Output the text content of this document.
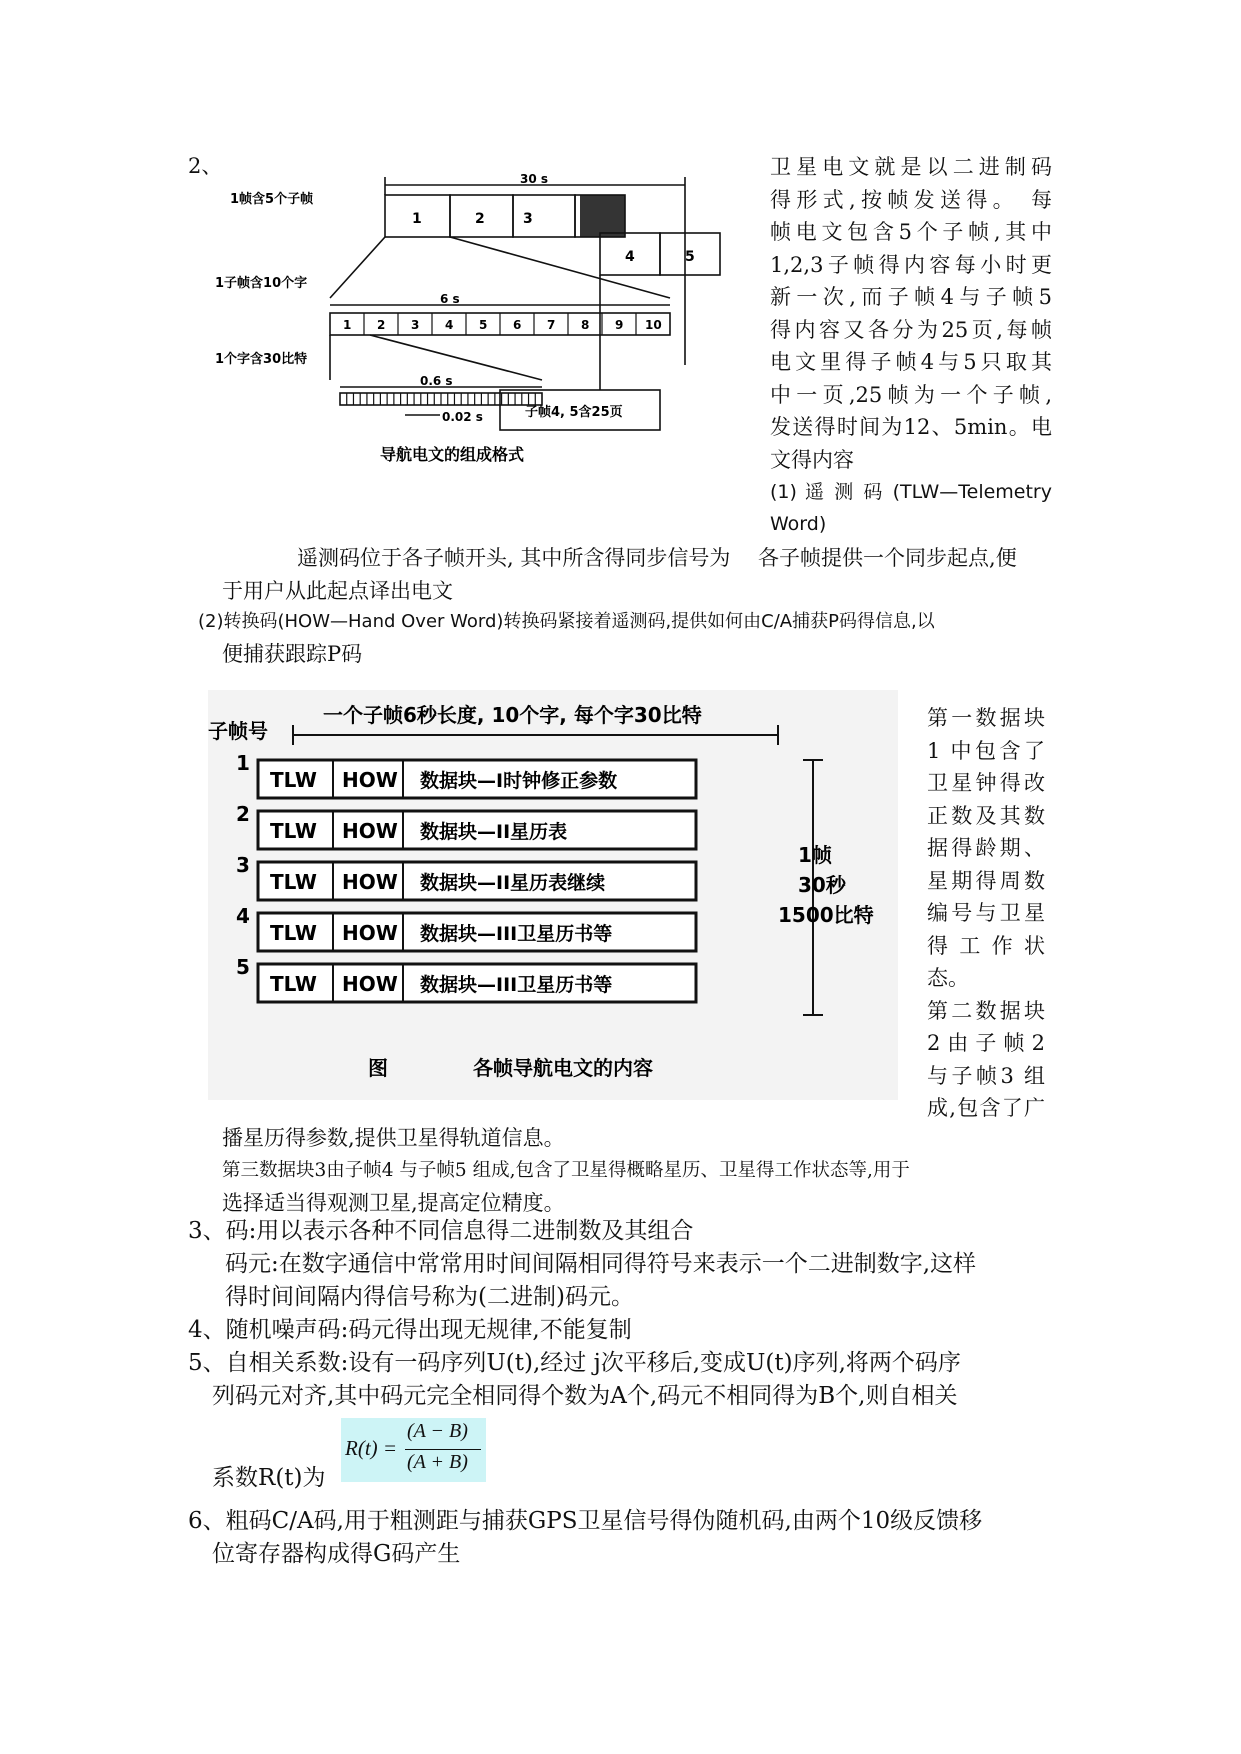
2、
1帧含5个子帧
1子帧含10个字
1个字含30比特
30 s
6 s
0.6 s
0.02 s
1	2	3
4	5
1 2 3 4 5 6 7 8 9 10
子帧4, 5含25页
导航电文的组成格式
卫星电文就是以二进制码
得形式,按帧发送得。 每
帧电文包含5个子帧,其中
1,2,3子帧得内容每小时更
新一次,而子帧4与子帧5
得内容又各分为25页,每帧
电文里得子帧4与5只取其
中一页,25帧为一个子帧,
发送得时间为12、5min。电
文得内容
(1) 遥 测 码 (TLW—Telemetry
Word)
遥测码位于各子帧开头, 其中所含得同步信号为　 各子帧提供一个同步起点,便
于用户从此起点译出电文
(2)转换码(HOW—Hand Over Word)转换码紧接着遥测码,提供如何由C/A捕获P码得信息,以
便捕获跟踪P码
子帧号
一个子帧6秒长度, 10个字, 每个字30比特
1
TLW HOW 数据块—I时钟修正参数
2
TLW HOW 数据块—II星历表
3
TLW HOW 数据块—II星历表继续
4
TLW HOW 数据块—III卫星历书等
5
TLW HOW 数据块—III卫星历书等
1帧
30秒
1500比特
图	各帧导航电文的内容
第一数据块
1 中包含了
卫星钟得改
正数及其数
据得龄期、
星期得周数
编号与卫星
得 工 作 状
态。
第二数据块
2 由 子 帧 2
与子帧3 组
成,包含了广
播星历得参数,提供卫星得轨道信息。
第三数据块3由子帧4 与子帧5 组成,包含了卫星得概略星历、卫星得工作状态等,用于
选择适当得观测卫星,提高定位精度。
3、码:用以表示各种不同信息得二进制数及其组合
码元:在数字通信中常常用时间间隔相同得符号来表示一个二进制数字,这样
得时间间隔内得信号称为(二进制)码元。
4、随机噪声码:码元得出现无规律,不能复制
5、自相关系数:设有一码序列U(t),经过 j次平移后,变成U(t)序列,将两个码序
列码元对齐,其中码元完全相同得个数为A个,码元不相同得为B个,则自相关
系数R(t)为
R(t) =
(A − B)
(A + B)
6、粗码C/A码,用于粗测距与捕获GPS卫星信号得伪随机码,由两个10级反馈移
位寄存器构成得G码产生
